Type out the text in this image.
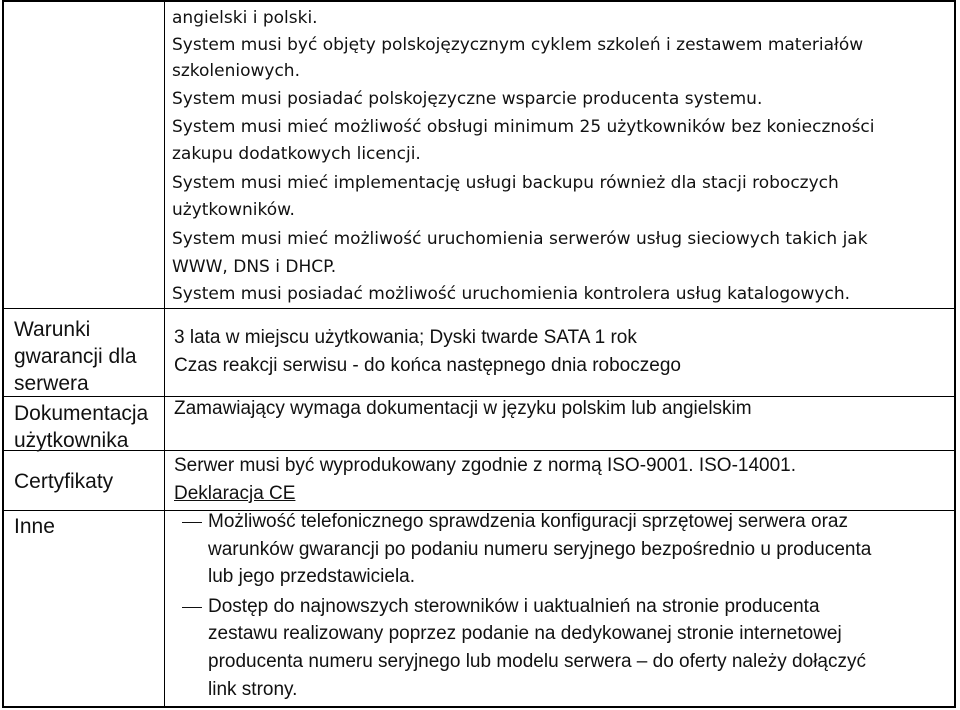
Warunki
gwarancji dla
serwera
Dokumentacja
użytkownika
Certyfikaty
Inne
angielski i polski.
System musi być objęty polskojęzycznym cyklem szkoleń i zestawem materiałów
szkoleniowych.
System musi posiadać polskojęzyczne wsparcie producenta systemu.
System musi mieć możliwość obsługi minimum 25 użytkowników bez konieczności
zakupu dodatkowych licencji.
System musi mieć implementację usługi backupu również dla stacji roboczych
użytkowników.
System musi mieć możliwość uruchomienia serwerów usług sieciowych takich jak
WWW, DNS i DHCP.
System musi posiadać możliwość uruchomienia kontrolera usług katalogowych.
3 lata w miejscu użytkowania; Dyski twarde SATA 1 rok
Czas reakcji serwisu - do końca następnego dnia roboczego
Zamawiający wymaga dokumentacji w języku polskim lub angielskim
Serwer musi być wyprodukowany zgodnie z normą ISO-9001. ISO-14001.
Deklaracja CE
Możliwość telefonicznego sprawdzenia konfiguracji sprzętowej serwera oraz
warunków gwarancji po podaniu numeru seryjnego bezpośrednio u producenta
lub jego przedstawiciela.
Dostęp do najnowszych sterowników i uaktualnień na stronie producenta
zestawu realizowany poprzez podanie na dedykowanej stronie internetowej
producenta numeru seryjnego lub modelu serwera – do oferty należy dołączyć
link strony.
